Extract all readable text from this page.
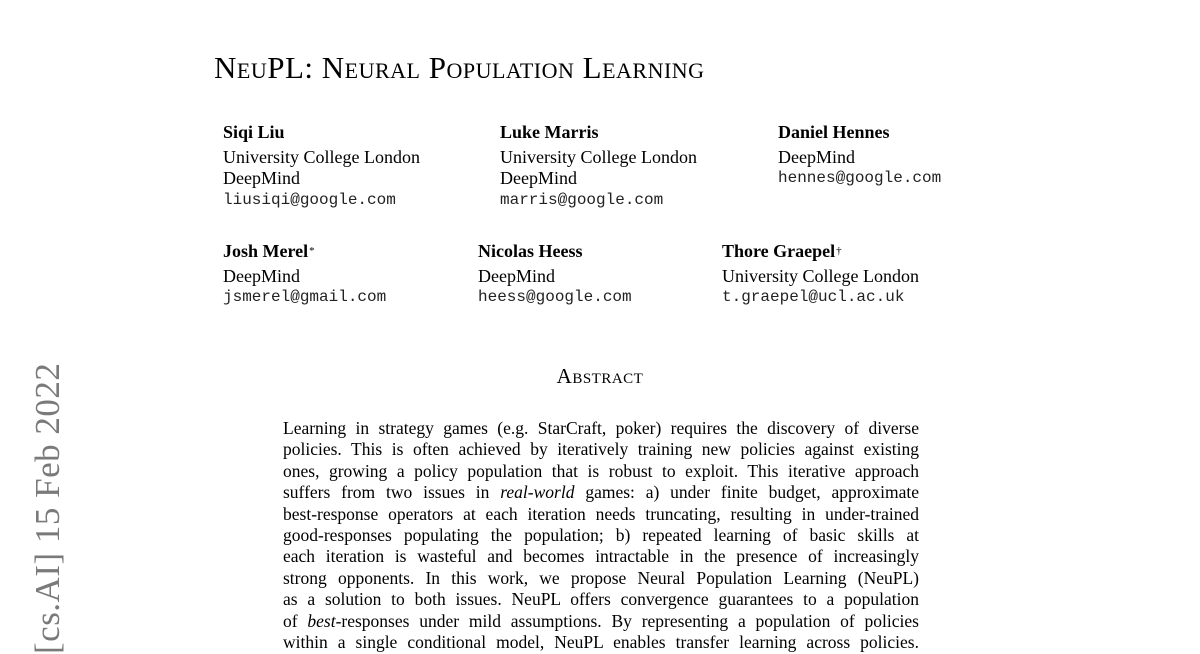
[cs.AI] 15 Feb 2022
NeuPL: Neural Population Learning
Siqi Liu
University College London
DeepMind
liusiqi@google.com
Luke Marris
University College London
DeepMind
marris@google.com
Daniel Hennes
DeepMind
hennes@google.com
Josh Merel*
DeepMind
jsmerel@gmail.com
Nicolas Heess
DeepMind
heess@google.com
Thore Graepel†
University College London
t.graepel@ucl.ac.uk
Abstract
Learning in strategy games (e.g. StarCraft, poker) requires the discovery of diverse
policies. This is often achieved by iteratively training new policies against existing
ones, growing a policy population that is robust to exploit. This iterative approach
suffers from two issues in real-world games: a) under finite budget, approximate
best-response operators at each iteration needs truncating, resulting in under-trained
good-responses populating the population; b) repeated learning of basic skills at
each iteration is wasteful and becomes intractable in the presence of increasingly
strong opponents. In this work, we propose Neural Population Learning (NeuPL)
as a solution to both issues. NeuPL offers convergence guarantees to a population
of best-responses under mild assumptions. By representing a population of policies
within a single conditional model, NeuPL enables transfer learning across policies.
